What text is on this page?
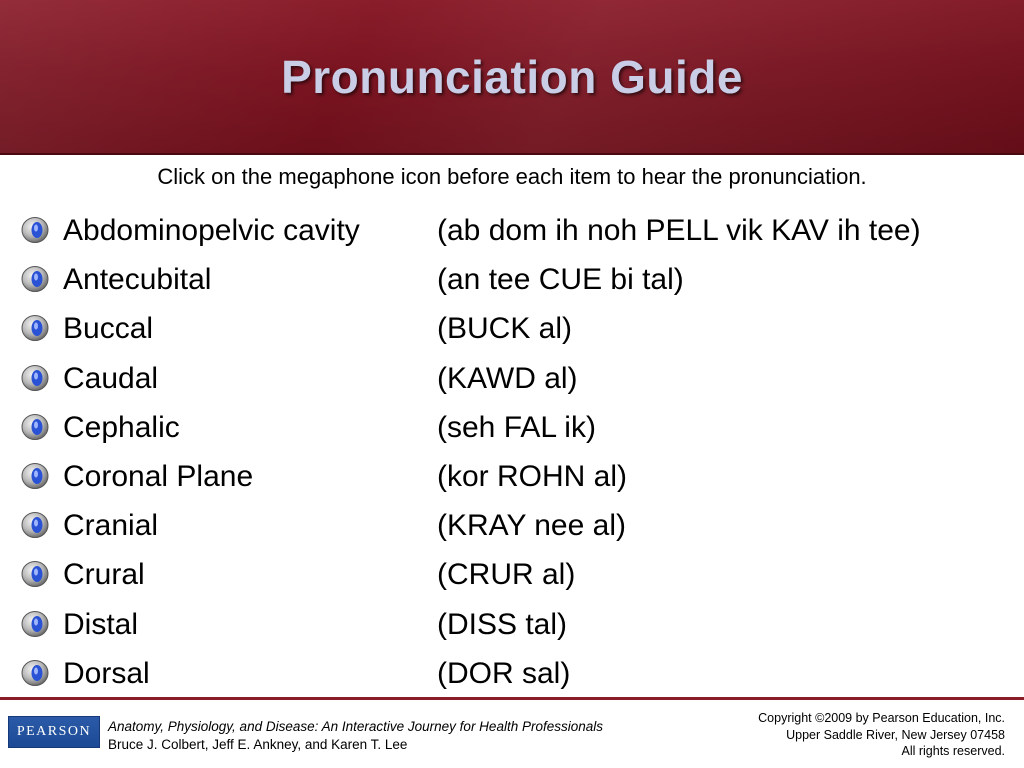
Pronunciation Guide
Click on the megaphone icon before each item to hear the pronunciation.
Abdominopelvic cavity	(ab dom ih noh PELL vik KAV ih tee)
Antecubital	(an tee CUE bi tal)
Buccal	(BUCK al)
Caudal	(KAWD al)
Cephalic	(seh FAL ik)
Coronal Plane	(kor ROHN al)
Cranial	(KRAY nee al)
Crural	(CRUR al)
Distal	(DISS tal)
Dorsal	(DOR sal)
PEARSON	Anatomy, Physiology, and Disease: An Interactive Journey for Health Professionals
Bruce J. Colbert, Jeff E. Ankney, and Karen T. Lee
Copyright ©2009 by Pearson Education, Inc.
Upper Saddle River, New Jersey 07458
All rights reserved.
